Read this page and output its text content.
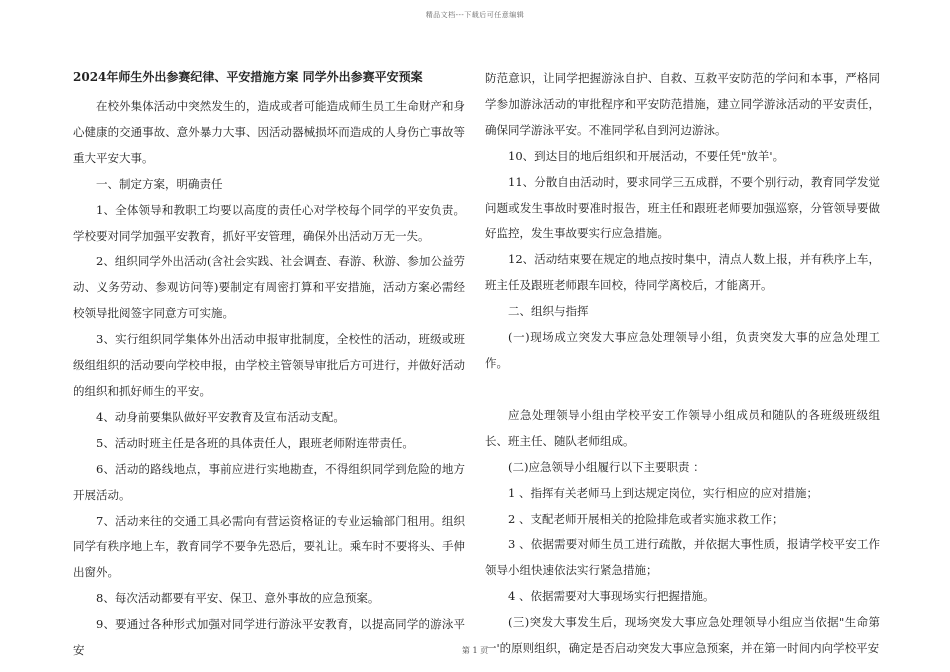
精品文档---下载后可任意编辑
2024年师生外出参赛纪律、平安措施方案 同学外出参赛平安预案

在校外集体活动中突然发生的，造成或者可能造成师生员工生命财产和身心健康的交通事故、意外暴力大事、因活动器械损坏而造成的人身伤亡事故等重大平安大事。

一、制定方案，明确责任

1、全体领导和教职工均要以高度的责任心对学校每个同学的平安负责。学校要对同学加强平安教育，抓好平安管理，确保外出活动万无一失。

2、组织同学外出活动(含社会实践、社会调查、春游、秋游、参加公益劳动、义务劳动、参观访问等)要制定有周密打算和平安措施，活动方案必需经校领导批阅签字同意方可实施。

3、实行组织同学集体外出活动申报审批制度，全校性的活动，班级或班级组组织的活动要向学校申报，由学校主管领导审批后方可进行，并做好活动的组织和抓好师生的平安。

4、动身前要集队做好平安教育及宣布活动支配。

5、活动时班主任是各班的具体责任人，跟班老师附连带责任。

6、活动的路线地点，事前应进行实地勘查，不得组织同学到危险的地方开展活动。

7、活动来往的交通工具必需向有营运资格证的专业运输部门租用。组织同学有秩序地上车，教育同学不要争先恐后，要礼让。乘车时不要将头、手伸出窗外。

8、每次活动都要有平安、保卫、意外事故的应急预案。

9、要通过各种形式加强对同学进行游泳平安教育，以提高同学的游泳平安

防范意识，让同学把握游泳自护、自救、互救平安防范的学问和本事，严格同学参加游泳活动的审批程序和平安防范措施，建立同学游泳活动的平安责任，确保同学游泳平安。不准同学私自到河边游泳。

10、到达目的地后组织和开展活动，不要任凭"放羊'。

11、分散自由活动时，要求同学三五成群，不要个别行动，教育同学发觉问题或发生事故时要准时报告，班主任和跟班老师要加强巡察，分管领导要做好监控，发生事故要实行应急措施。

12、活动结束要在规定的地点按时集中，清点人数上报，并有秩序上车，班主任及跟班老师跟车回校，待同学离校后，才能离开。

二、组织与指挥

(一)现场成立突发大事应急处理领导小组，负责突发大事的应急处理工作。

应急处理领导小组由学校平安工作领导小组成员和随队的各班级班级组长、班主任、随队老师组成。

(二)应急领导小组履行以下主要职责 ：

1 、指挥有关老师马上到达规定岗位，实行相应的应对措施；

2 、支配老师开展相关的抢险排危或者实施求救工作；

3 、依据需要对师生员工进行疏散，并依据大事性质，报请学校平安工作领导小组快速依法实行紧急措施；

4 、依据需要对大事现场实行把握措施。

(三)突发大事发生后，现场突发大事应急处理领导小组应当依据"生命第一'的原则组织，确定是否启动突发大事应急预案，并在第一时间内向学校平安

第 1 页
